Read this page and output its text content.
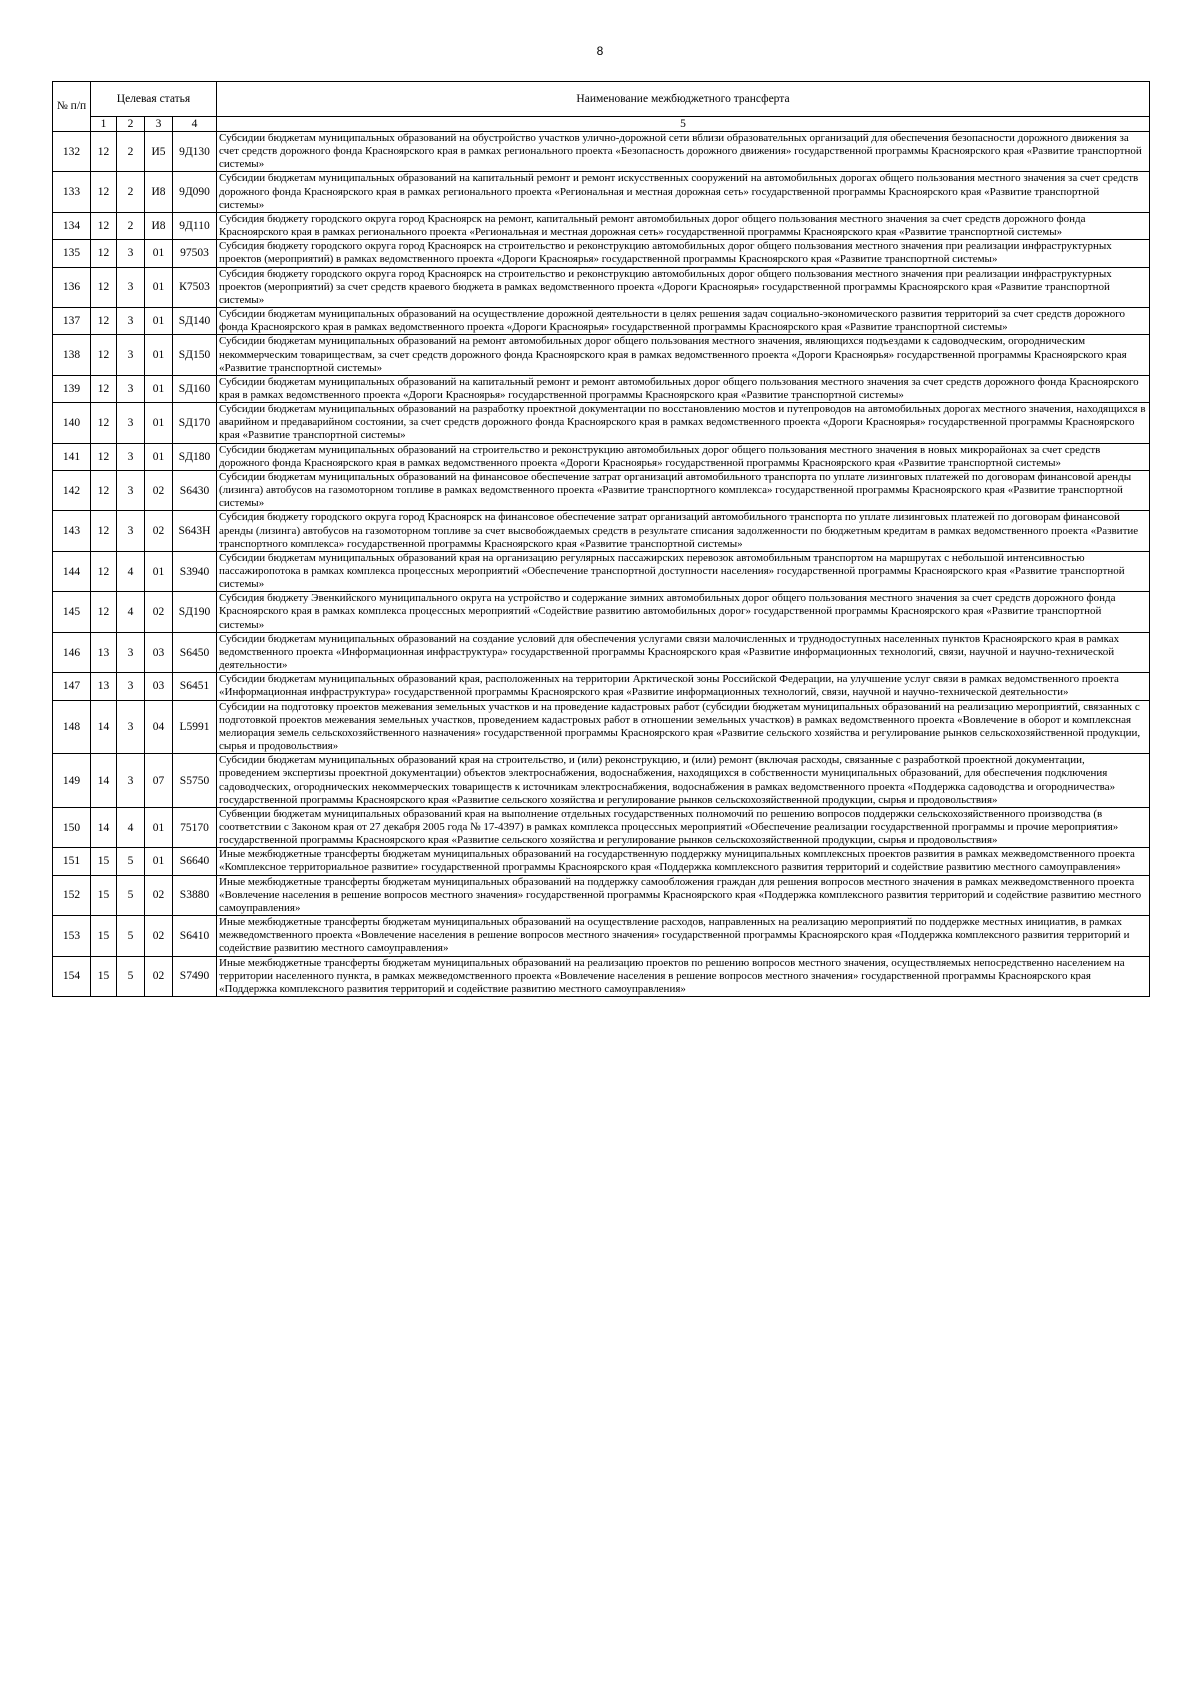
8
№ п/п	Целевая статья				Наименование межбюджетного трансферта
	1	2	3	4	5
132	12	2	И5	9Д130	Субсидии бюджетам муниципальных образований на обустройство участков улично-дорожной сети вблизи образовательных организаций для обеспечения безопасности дорожного движения за счет средств дорожного фонда Красноярского края в рамках регионального проекта «Безопасность дорожного движения» государственной программы Красноярского края «Развитие транспортной системы»
133	12	2	И8	9Д090	Субсидии бюджетам муниципальных образований на капитальный ремонт и ремонт искусственных сооружений на автомобильных дорогах общего пользования местного значения за счет средств дорожного фонда Красноярского края в рамках регионального проекта «Региональная и местная дорожная сеть» государственной программы Красноярского края «Развитие транспортной системы»
134	12	2	И8	9Д110	Субсидия бюджету городского округа город Красноярск на ремонт, капитальный ремонт автомобильных дорог общего пользования местного значения за счет средств дорожного фонда Красноярского края в рамках регионального проекта «Региональная и местная дорожная сеть» государственной программы Красноярского края «Развитие транспортной системы»
135	12	3	01	97503	Субсидия бюджету городского округа город Красноярск на строительство и реконструкцию автомобильных дорог общего пользования местного значения при реализации инфраструктурных проектов (мероприятий) в рамках ведомственного проекта «Дороги Красноярья» государственной программы Красноярского края «Развитие транспортной системы»
136	12	3	01	К7503	Субсидия бюджету городского округа город Красноярск на строительство и реконструкцию автомобильных дорог общего пользования местного значения при реализации инфраструктурных проектов (мероприятий) за счет средств краевого бюджета в рамках ведомственного проекта «Дороги Красноярья» государственной программы Красноярского края «Развитие транспортной системы»
137	12	3	01	SД140	Субсидии бюджетам муниципальных образований на осуществление дорожной деятельности в целях решения задач социально-экономического развития территорий за счет средств дорожного фонда Красноярского края в рамках ведомственного проекта «Дороги Красноярья» государственной программы Красноярского края «Развитие транспортной системы»
138	12	3	01	SД150	Субсидии бюджетам муниципальных образований на ремонт автомобильных дорог общего пользования местного значения, являющихся подъездами к садоводческим, огородническим некоммерческим товариществам, за счет средств дорожного фонда Красноярского края в рамках ведомственного проекта «Дороги Красноярья» государственной программы Красноярского края «Развитие транспортной системы»
139	12	3	01	SД160	Субсидии бюджетам муниципальных образований на капитальный ремонт и ремонт автомобильных дорог общего пользования местного значения за счет средств дорожного фонда Красноярского края в рамках ведомственного проекта «Дороги Красноярья» государственной программы Красноярского края «Развитие транспортной системы»
140	12	3	01	SД170	Субсидии бюджетам муниципальных образований на разработку проектной документации по восстановлению мостов и путепроводов на автомобильных дорогах местного значения, находящихся в аварийном и предаварийном состоянии, за счет средств дорожного фонда Красноярского края в рамках ведомственного проекта «Дороги Красноярья» государственной программы Красноярского края «Развитие транспортной системы»
141	12	3	01	SД180	Субсидии бюджетам муниципальных образований на строительство и реконструкцию автомобильных дорог общего пользования местного значения в новых микрорайонах за счет средств дорожного фонда Красноярского края в рамках ведомственного проекта «Дороги Красноярья» государственной программы Красноярского края «Развитие транспортной системы»
142	12	3	02	S6430	Субсидии бюджетам муниципальных образований на финансовое обеспечение затрат организаций автомобильного транспорта по уплате лизинговых платежей по договорам финансовой аренды (лизинга) автобусов на газомоторном топливе в рамках ведомственного проекта «Развитие транспортного комплекса» государственной программы Красноярского края «Развитие транспортной системы»
143	12	3	02	S643Н	Субсидия бюджету городского округа город Красноярск на финансовое обеспечение затрат организаций автомобильного транспорта по уплате лизинговых платежей по договорам финансовой аренды (лизинга) автобусов на газомоторном топливе за счет высвобождаемых средств в результате списания задолженности по бюджетным кредитам в рамках ведомственного проекта «Развитие транспортного комплекса» государственной программы Красноярского края «Развитие транспортной системы»
144	12	4	01	S3940	Субсидии бюджетам муниципальных образований края на организацию регулярных пассажирских перевозок автомобильным транспортом на маршрутах с небольшой интенсивностью пассажиропотока в рамках комплекса процессных мероприятий «Обеспечение транспортной доступности населения» государственной программы Красноярского края «Развитие транспортной системы»
145	12	4	02	SД190	Субсидия бюджету Эвенкийского муниципального округа на устройство и содержание зимних автомобильных дорог общего пользования местного значения за счет средств дорожного фонда Красноярского края в рамках комплекса процессных мероприятий «Содействие развитию автомобильных дорог» государственной программы Красноярского края «Развитие транспортной системы»
146	13	3	03	S6450	Субсидии бюджетам муниципальных образований на создание условий для обеспечения услугами связи малочисленных и труднодоступных населенных пунктов Красноярского края в рамках ведомственного проекта «Информационная инфраструктура» государственной программы Красноярского края «Развитие информационных технологий, связи, научной и научно-технической деятельности»
147	13	3	03	S6451	Субсидии бюджетам муниципальных образований края, расположенных на территории Арктической зоны Российской Федерации, на улучшение услуг связи в рамках ведомственного проекта «Информационная инфраструктура» государственной программы Красноярского края «Развитие информационных технологий, связи, научной и научно-технической деятельности»
148	14	3	04	L5991	Субсидии на подготовку проектов межевания земельных участков и на проведение кадастровых работ (субсидии бюджетам муниципальных образований на реализацию мероприятий, связанных с подготовкой проектов межевания земельных участков, проведением кадастровых работ в отношении земельных участков) в рамках ведомственного проекта «Вовлечение в оборот и комплексная мелиорация земель сельскохозяйственного назначения» государственной программы Красноярского края «Развитие сельского хозяйства и регулирование рынков сельскохозяйственной продукции, сырья и продовольствия»
149	14	3	07	S5750	Субсидии бюджетам муниципальных образований края на строительство, и (или) реконструкцию, и (или) ремонт (включая расходы, связанные с разработкой проектной документации, проведением экспертизы проектной документации) объектов электроснабжения, водоснабжения, находящихся в собственности муниципальных образований, для обеспечения подключения садоводческих, огороднических некоммерческих товариществ к источникам электроснабжения, водоснабжения в рамках ведомственного проекта «Поддержка садоводства и огородничества» государственной программы Красноярского края «Развитие сельского хозяйства и регулирование рынков сельскохозяйственной продукции, сырья и продовольствия»
150	14	4	01	75170	Субвенции бюджетам муниципальных образований края на выполнение отдельных государственных полномочий по решению вопросов поддержки сельскохозяйственного производства (в соответствии с Законом края от 27 декабря 2005 года № 17-4397) в рамках комплекса процессных мероприятий «Обеспечение реализации государственной программы и прочие мероприятия» государственной программы Красноярского края «Развитие сельского хозяйства и регулирование рынков сельскохозяйственной продукции, сырья и продовольствия»
151	15	5	01	S6640	Иные межбюджетные трансферты бюджетам муниципальных образований на государственную поддержку муниципальных комплексных проектов развития в рамках межведомственного проекта «Комплексное территориальное развитие» государственной программы Красноярского края «Поддержка комплексного развития территорий и содействие развитию местного самоуправления»
152	15	5	02	S3880	Иные межбюджетные трансферты бюджетам муниципальных образований на поддержку самообложения граждан для решения вопросов местного значения в рамках межведомственного проекта «Вовлечение населения в решение вопросов местного значения» государственной программы Красноярского края «Поддержка комплексного развития территорий и содействие развитию местного самоуправления»
153	15	5	02	S6410	Иные межбюджетные трансферты бюджетам муниципальных образований на осуществление расходов, направленных на реализацию мероприятий по поддержке местных инициатив, в рамках межведомственного проекта «Вовлечение населения в решение вопросов местного значения» государственной программы Красноярского края «Поддержка комплексного развития территорий и содействие развитию местного самоуправления»
154	15	5	02	S7490	Иные межбюджетные трансферты бюджетам муниципальных образований на реализацию проектов по решению вопросов местного значения, осуществляемых непосредственно населением на территории населенного пункта, в рамках межведомственного проекта «Вовлечение населения в решение вопросов местного значения» государственной программы Красноярского края «Поддержка комплексного развития территорий и содействие развитию местного самоуправления»
